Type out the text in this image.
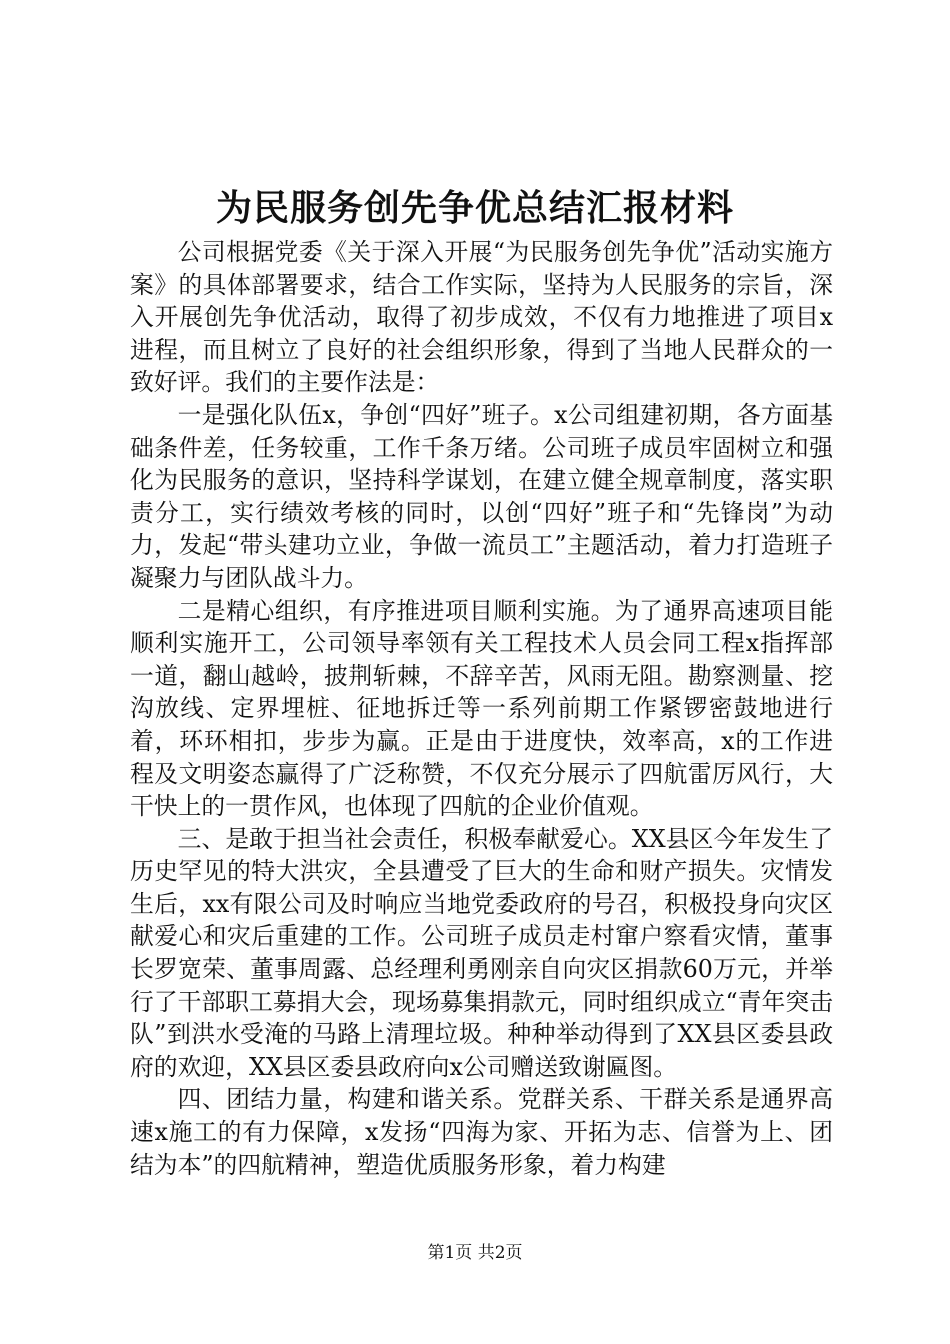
为民服务创先争优总结汇报材料

公司根据党委《关于深入开展“为民服务创先争优”活动实施方案》的具体部署要求，结合工作实际，坚持为人民服务的宗旨，深入开展创先争优活动，取得了初步成效，不仅有力地推进了项目x进程，而且树立了良好的社会组织形象，得到了当地人民群众的一致好评。我们的主要作法是：

一是强化队伍x，争创“四好”班子。x公司组建初期，各方面基础条件差，任务较重，工作千条万绪。公司班子成员牢固树立和强化为民服务的意识，坚持科学谋划，在建立健全规章制度，落实职责分工，实行绩效考核的同时，以创“四好”班子和“先锋岗”为动力，发起“带头建功立业，争做一流员工”主题活动，着力打造班子凝聚力与团队战斗力。

二是精心组织，有序推进项目顺利实施。为了通界高速项目能顺利实施开工，公司领导率领有关工程技术人员会同工程x指挥部一道，翻山越岭，披荆斩棘，不辞辛苦，风雨无阻。勘察测量、挖沟放线、定界埋桩、征地拆迁等一系列前期工作紧锣密鼓地进行着，环环相扣，步步为赢。正是由于进度快，效率高，x的工作进程及文明姿态赢得了广泛称赞，不仅充分展示了四航雷厉风行，大干快上的一贯作风，也体现了四航的企业价值观。

三、是敢于担当社会责任，积极奉献爱心。XX县区今年发生了历史罕见的特大洪灾，全县遭受了巨大的生命和财产损失。灾情发生后，xx有限公司及时响应当地党委政府的号召，积极投身向灾区献爱心和灾后重建的工作。公司班子成员走村窜户察看灾情，董事长罗宽荣、董事周露、总经理利勇刚亲自向灾区捐款60万元，并举行了干部职工募捐大会，现场募集捐款元，同时组织成立“青年突击队”到洪水受淹的马路上清理垃圾。种种举动得到了XX县区委县政府的欢迎，XX县区委县政府向x公司赠送致谢匾图。

四、团结力量，构建和谐关系。党群关系、干群关系是通界高速x施工的有力保障，x发扬“四海为家、开拓为志、信誉为上、团结为本”的四航精神，塑造优质服务形象，着力构建

第1页 共2页
